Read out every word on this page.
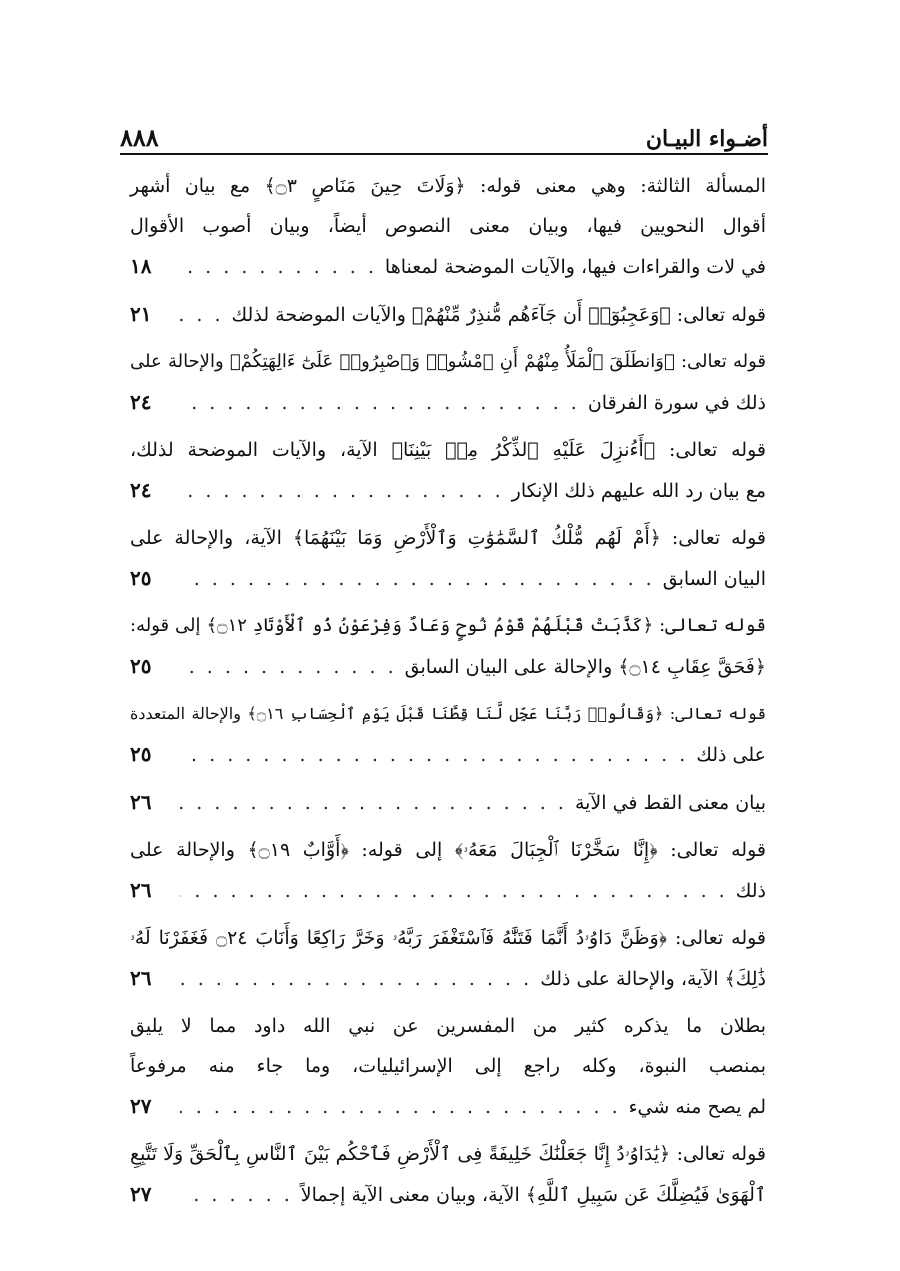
٨٨٨	أضـواء البيـان
المسألة الثالثة: وهي معنى قوله: ﴿وَلَاتَ حِينَ مَنَاصٍ ۝٣﴾ مع بيان أشهر
أقوال النحويين فيها، وبيان معنى النصوص أيضاً، وبيان أصوب الأقوال
في لات والقراءات فيها، والآيات الموضحة لمعناها
. . .
١٨
قوله تعالى: ﴿وَعَجِبُوٓا۟ أَن جَآءَهُم مُّنذِرٌ مِّنْهُمْ﴾ والآيات الموضحة لذلك
. . .
٢١
قوله تعالى: ﴿وَانطَلَقَ ٱلْمَلَأُ مِنْهُمْ أَنِ ٱمْشُوا۟ وَٱصْبِرُوا۟ عَلَىٰٓ ءَالِهَتِكُمْ﴾ والإحالة على
ذلك في سورة الفرقان
. . .
٢٤
قوله تعالى: ﴿أَءُنزِلَ عَلَيْهِ ٱلذِّكْرُ مِنۢ بَيْنِنَا﴾ الآية، والآيات الموضحة لذلك،
مع بيان رد الله عليهم ذلك الإنكار
. . .
٢٤
قوله تعالى: ﴿أَمْ لَهُم مُّلْكُ ٱلسَّمَٰوَٰتِ وَٱلْأَرْضِ وَمَا بَيْنَهُمَا﴾ الآية، والإحالة على
البيان السابق
. . .
٢٥
قوله تعالى: ﴿كَذَّبَتْ قَبْلَهُمْ قَوْمُ نُوحٍ وَعَادٌ وَفِرْعَوْنُ ذُو ٱلْأَوْتَادِ ۝١٢﴾ إلى قوله:
﴿فَحَقَّ عِقَابِ ۝١٤﴾ والإحالة على البيان السابق
. . .
٢٥
قوله تعالى: ﴿وَقَالُوا۟ رَبَّنَا عَجِّل لَّنَا قِطَّنَا قَبْلَ يَوْمِ ٱلْحِسَابِ ۝١٦﴾ والإحالة المتعددة
على ذلك
. . .
٢٥
بيان معنى القط في الآية
. . .
٢٦
قوله تعالى: ﴿إِنَّا سَخَّرْنَا ٱلْجِبَالَ مَعَهُۥ﴾ إلى قوله: ﴿أَوَّابٌ ۝١٩﴾ والإحالة على
ذلك
. . .
٢٦
قوله تعالى: ﴿وَظَنَّ دَاوُۥدُ أَنَّمَا فَتَنَّٰهُ فَٱسْتَغْفَرَ رَبَّهُۥ وَخَرَّ رَاكِعًا وَأَنَابَ ۝٢٤ فَغَفَرْنَا لَهُۥ
ذَٰلِكَ﴾ الآية، والإحالة على ذلك
. . .
٢٦
بطلان ما يذكره كثير من المفسرين عن نبي الله داود مما لا يليق
بمنصب النبوة، وكله راجع إلى الإسرائيليات، وما جاء منه مرفوعاً
لم يصح منه شيء
. . .
٢٧
قوله تعالى: ﴿يَٰدَاوُۥدُ إِنَّا جَعَلْنَٰكَ خَلِيفَةً فِى ٱلْأَرْضِ فَٱحْكُم بَيْنَ ٱلنَّاسِ بِٱلْحَقِّ وَلَا تَتَّبِعِ
ٱلْهَوَىٰ فَيُضِلَّكَ عَن سَبِيلِ ٱللَّهِ﴾ الآية، وبيان معنى الآية إجمالاً
. . .
٢٧
